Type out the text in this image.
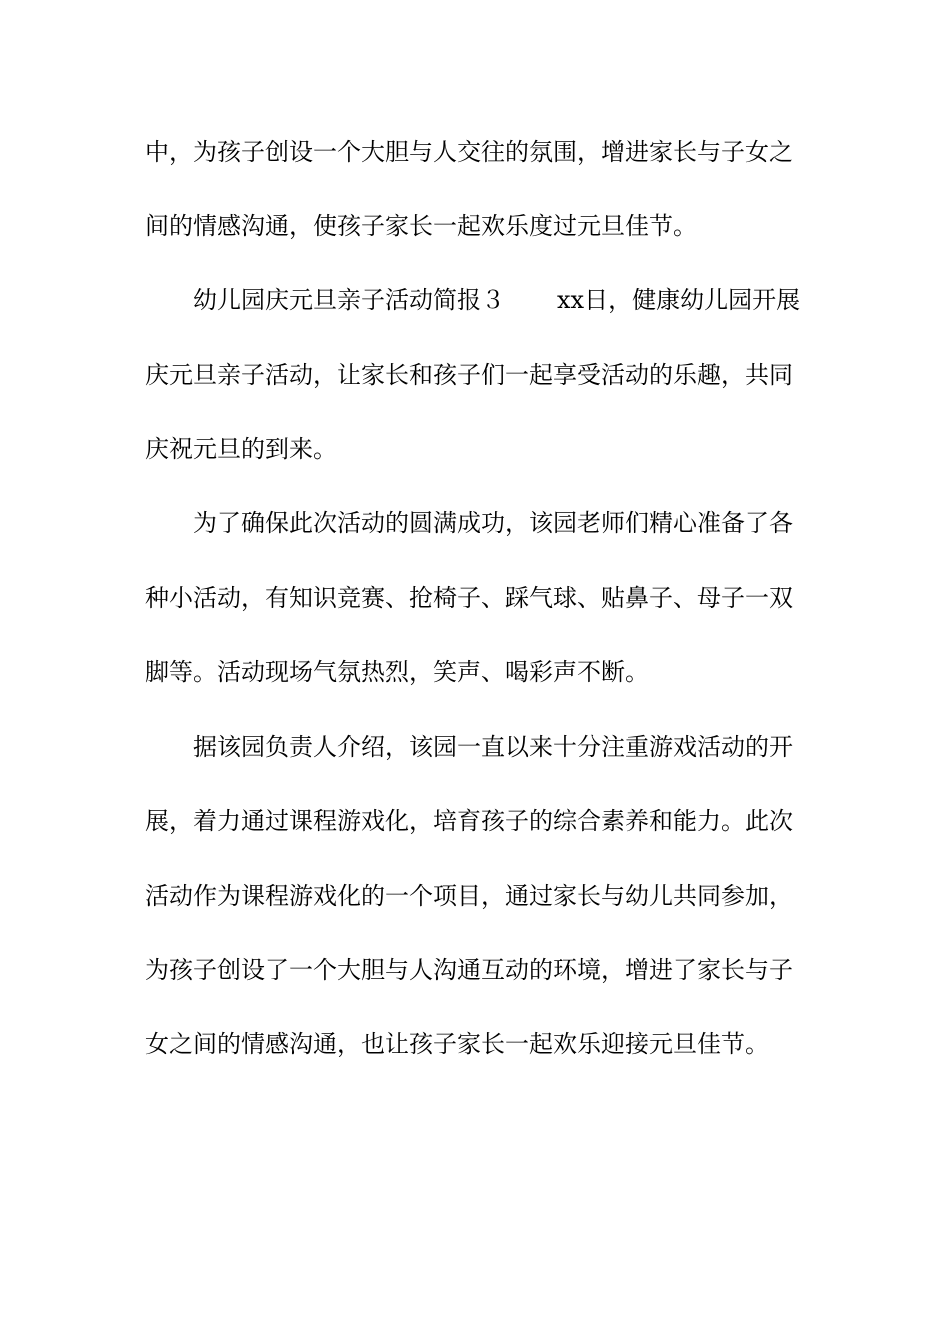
中，为孩子创设一个大胆与人交往的氛围，增进家长与子女之
间的情感沟通，使孩子家长一起欢乐度过元旦佳节。
幼儿园庆元旦亲子活动简报３ xx日，健康幼儿园开展
庆元旦亲子活动，让家长和孩子们一起享受活动的乐趣，共同
庆祝元旦的到来。
为了确保此次活动的圆满成功，该园老师们精心准备了各
种小活动，有知识竞赛、抢椅子、踩气球、贴鼻子、母子一双
脚等。活动现场气氛热烈，笑声、喝彩声不断。
据该园负责人介绍，该园一直以来十分注重游戏活动的开
展，着力通过课程游戏化，培育孩子的综合素养和能力。此次
活动作为课程游戏化的一个项目，通过家长与幼儿共同参加，
为孩子创设了一个大胆与人沟通互动的环境，增进了家长与子
女之间的情感沟通，也让孩子家长一起欢乐迎接元旦佳节。
